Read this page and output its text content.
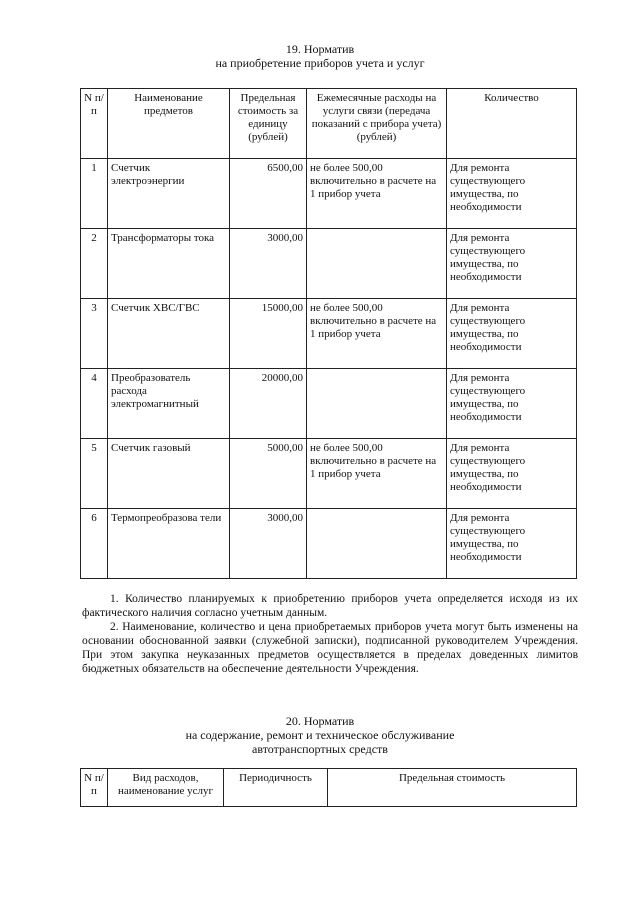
19. Норматив
на приобретение приборов учета и услуг
N п/п	Наименование предметов	Предельная стоимость за единицу (рублей)	Ежемесячные расходы на услуги связи (передача показаний с прибора учета) (рублей)	Количество
1	Счетчик электроэнергии	6500,00	не более 500,00 включительно в расчете на 1 прибор учета	Для ремонта существующего имущества, по необходимости
2	Трансформаторы тока	3000,00		Для ремонта существующего имущества, по необходимости
3	Счетчик ХВС/ГВС	15000,00	не более 500,00 включительно в расчете на 1 прибор учета	Для ремонта существующего имущества, по необходимости
4	Преобразователь расхода электромагнитный	20000,00		Для ремонта существующего имущества, по необходимости
5	Счетчик газовый	5000,00	не более 500,00 включительно в расчете на 1 прибор учета	Для ремонта существующего имущества, по необходимости
6	Термопреобразова тели	3000,00		Для ремонта существующего имущества, по необходимости

1. Количество планируемых к приобретению приборов учета определяется исходя из их фактического наличия согласно учетным данным.

2. Наименование, количество и цена приобретаемых приборов учета могут быть изменены на основании обоснованной заявки (служебной записки), подписанной руководителем Учреждения. При этом закупка неуказанных предметов осуществляется в пределах доведенных лимитов бюджетных обязательств на обеспечение деятельности Учреждения.

20. Норматив
на содержание, ремонт и техническое обслуживание
автотранспортных средств
N п/п	Вид расходов, наименование услуг	Периодичность	Предельная стоимость
